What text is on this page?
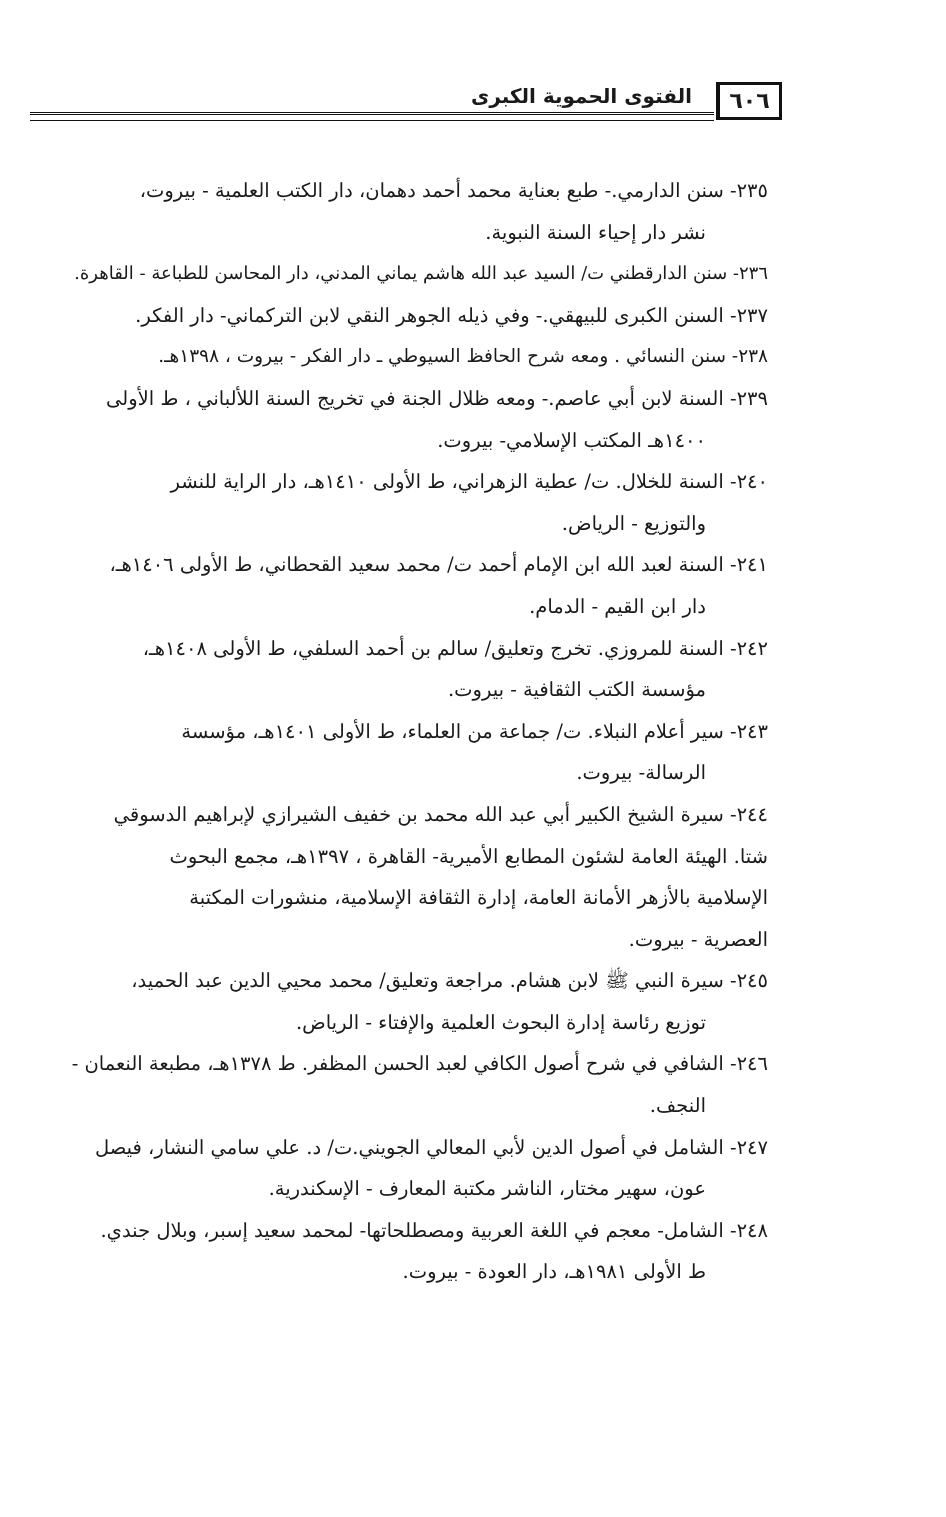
٦٠٦
الفتوى الحموية الكبرى
٢٣٥- سنن الدارمي.- طبع بعناية محمد أحمد دهمان، دار الكتب العلمية - بيروت،
نشر دار إحياء السنة النبوية.
٢٣٦- سنن الدارقطني ت/ السيد عبد الله هاشم يماني المدني، دار المحاسن للطباعة - القاهرة.
٢٣٧- السنن الكبرى للبيهقي.- وفي ذيله الجوهر النقي لابن التركماني- دار الفكر.
٢٣٨- سنن النسائي . ومعه شرح الحافظ السيوطي ـ دار الفكر - بيروت ، ١٣٩٨هـ.
٢٣٩- السنة لابن أبي عاصم.- ومعه ظلال الجنة في تخريج السنة اللألباني ، ط الأولى
١٤٠٠هـ المكتب الإسلامي- بيروت.
٢٤٠- السنة للخلال. ت/ عطية الزهراني، ط الأولى ١٤١٠هـ، دار الراية للنشر
والتوزيع - الرياض.
٢٤١- السنة لعبد الله ابن الإمام أحمد ت/ محمد سعيد القحطاني، ط الأولى ١٤٠٦هـ،
دار ابن القيم - الدمام.
٢٤٢- السنة للمروزي. تخرج وتعليق/ سالم بن أحمد السلفي، ط الأولى ١٤٠٨هـ،
مؤسسة الكتب الثقافية - بيروت.
٢٤٣- سير أعلام النبلاء. ت/ جماعة من العلماء، ط الأولى ١٤٠١هـ، مؤسسة
الرسالة- بيروت.
٢٤٤- سيرة الشيخ الكبير أبي عبد الله محمد بن خفيف الشيرازي لإبراهيم الدسوقي
شتا. الهيئة العامة لشئون المطابع الأميرية- القاهرة ، ١٣٩٧هـ، مجمع البحوث
الإسلامية بالأزهر الأمانة العامة، إدارة الثقافة الإسلامية، منشورات المكتبة
العصرية - بيروت.
٢٤٥- سيرة النبي ﷺ لابن هشام. مراجعة وتعليق/ محمد محيي الدين عبد الحميد،
توزيع رئاسة إدارة البحوث العلمية والإفتاء - الرياض.
٢٤٦- الشافي في شرح أصول الكافي لعبد الحسن المظفر. ط ١٣٧٨هـ، مطبعة النعمان -
النجف.
٢٤٧- الشامل في أصول الدين لأبي المعالي الجويني.ت/ د. علي سامي النشار، فيصل
عون، سهير مختار، الناشر مكتبة المعارف - الإسكندرية.
٢٤٨- الشامل- معجم في اللغة العربية ومصطلحاتها- لمحمد سعيد إسبر، وبلال جندي.
ط الأولى ١٩٨١هـ، دار العودة - بيروت.
